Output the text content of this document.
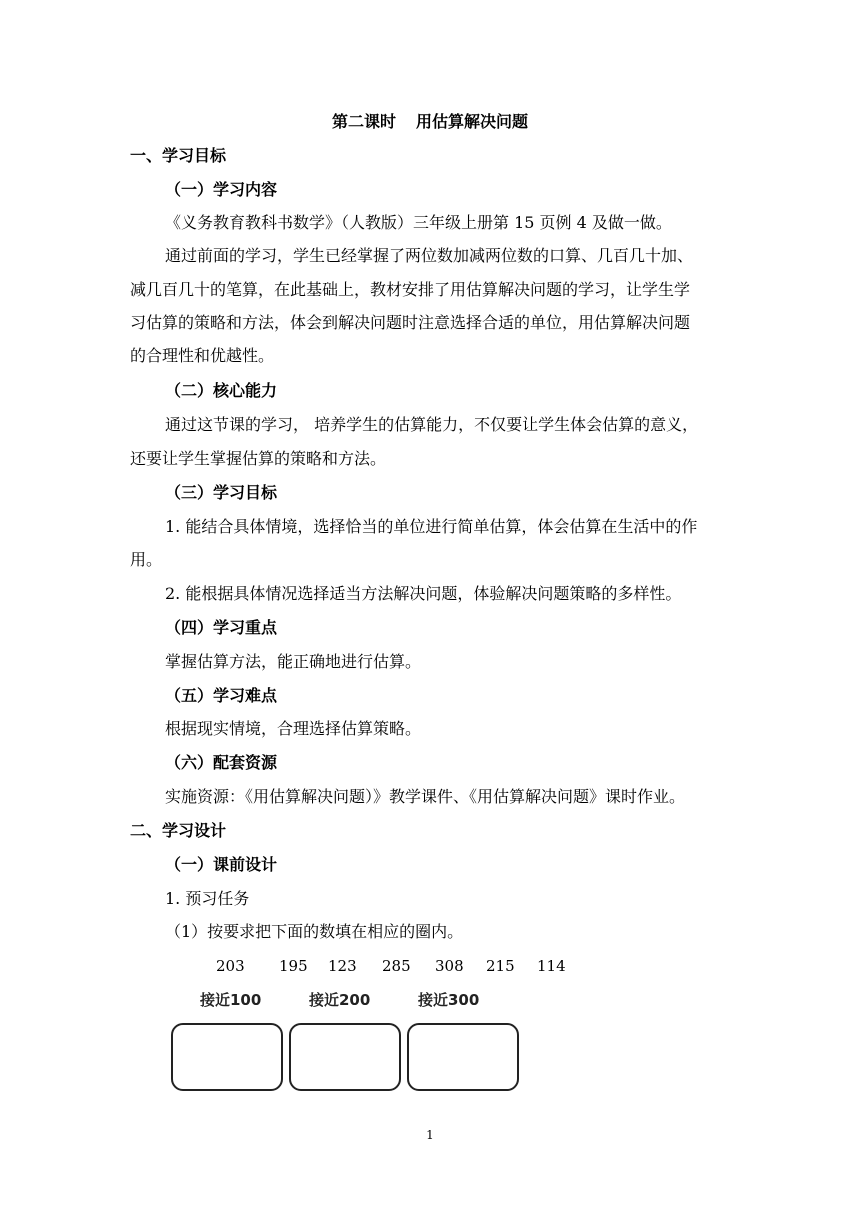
第二课时 用估算解决问题
一、学习目标
（一）学习内容
《义务教育教科书数学》（人教版）三年级上册第 15 页例 4 及做一做。
通过前面的学习，学生已经掌握了两位数加减两位数的口算、几百几十加、
减几百几十的笔算，在此基础上，教材安排了用估算解决问题的学习，让学生学
习估算的策略和方法，体会到解决问题时注意选择合适的单位，用估算解决问题
的合理性和优越性。
（二）核心能力
通过这节课的学习， 培养学生的估算能力，不仅要让学生体会估算的意义，
还要让学生掌握估算的策略和方法。
（三）学习目标
1. 能结合具体情境，选择恰当的单位进行简单估算，体会估算在生活中的作
用。
2. 能根据具体情况选择适当方法解决问题，体验解决问题策略的多样性。
（四）学习重点
掌握估算方法，能正确地进行估算。
（五）学习难点
根据现实情境，合理选择估算策略。
（六）配套资源
实施资源：《用估算解决问题）》教学课件、《用估算解决问题》课时作业。
二、学习设计
（一）课前设计
1. 预习任务
（1）按要求把下面的数填在相应的圈内。
203 195 123 285 308 215 114
接近100	接近200	接近300
1
